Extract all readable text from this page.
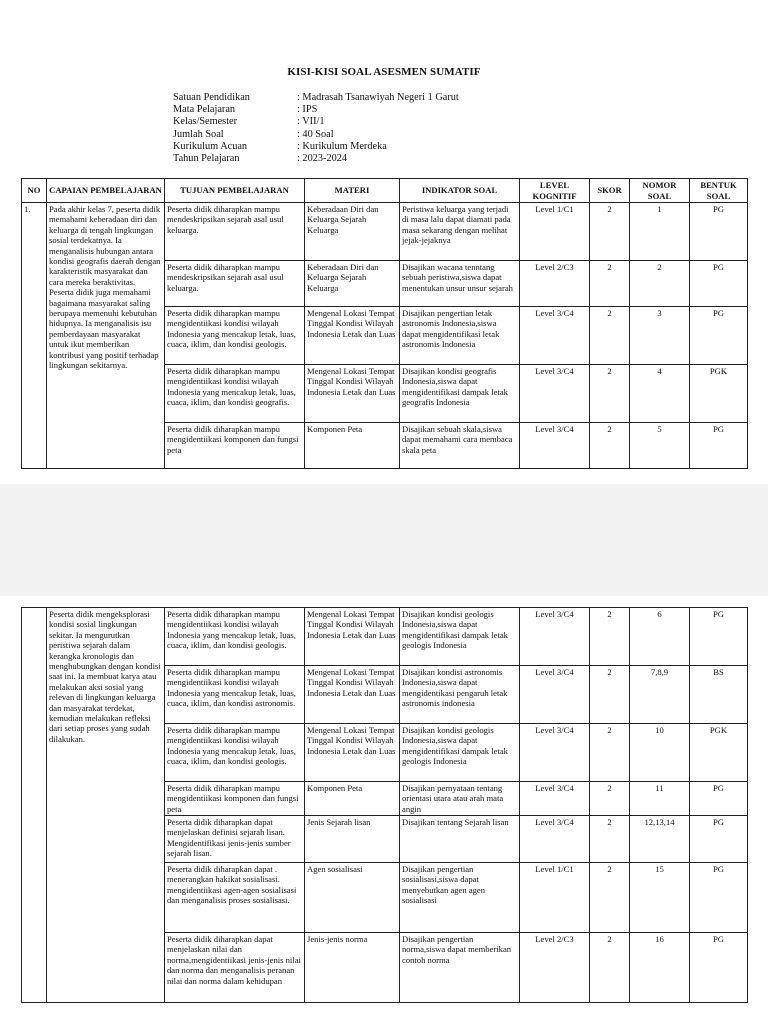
KISI-KISI SOAL ASESMEN SUMATIF
Satuan Pendidikan	: Madrasah Tsanawiyah Negeri 1 Garut
Mata Pelajaran	: IPS
Kelas/Semester	: VII/1
Jumlah Soal	: 40 Soal
Kurikulum Acuan	: Kurikulum Merdeka
Tahun Pelajaran	: 2023-2024
NO	CAPAIAN PEMBELAJARAN	TUJUAN PEMBELAJARAN	MATERI	INDIKATOR SOAL	LEVEL KOGNITIF	SKOR	NOMOR SOAL	BENTUK SOAL
1.	Pada akhir kelas 7, peserta didik memahami keberadaan diri dan keluarga di tengah lingkungan sosial terdekatnya. Ia menganalisis hubungan antara kondisi geografis daerah dengan karakteristik masyarakat dan cara mereka beraktivitas. Peserta didik juga memahami bagaimana masyarakat saling berupaya memenuhi kebutuhan hidupnya. Ia menganalisis isu pemberdayaan masyarakat untuk ikut memberikan kontribusi yang positif terhadap lingkungan sekitarnya.	Peserta didik diharapkan mampu mendeskripsikan sejarah asal usul keluarga.	Keberadaan Diri dan Keluarga Sejarah Keluarga	Peristiwa keluarga yang terjadi di masa lalu dapat diamati pada masa sekarang dengan melihat jejak-jejaknya	Level 1/C1	2	1	PG
		Peserta didik diharapkan mampu mendeskripsikan sejarah asal usul keluarga.	Keberadaan Diri dan Keluarga Sejarah Keluarga	Disajikan wacana tenntang sebuah peristiwa,siswa dapat menentukan unsur unsur sejarah	Level 2/C3	2	2	PG
		Peserta didik diharapkan mampu mengidentiikasi kondisi wilayah Indonesia yang mencakup letak, luas, cuaca, iklim, dan kondisi geologis.	Mengenal Lokasi Tempat Tinggal Kondisi Wilayah Indonesia Letak dan Luas	Disajikan pengertian letak astronomis Indonesia,siswa dapat mengidentifikasi letak astronomis Indonesia	Level 3/C4	2	3	PG
		Peserta didik diharapkan mampu mengidentiikasi kondisi wilayah Indonesia yang mencakup letak, luas, cuaca, iklim, dan kondisi geografis.	Mengenal Lokasi Tempat Tinggal Kondisi Wilayah Indonesia Letak dan Luas	Disajikan kondisi geografis Indonesia,siswa dapat mengidentifikasi dampak letak geografis Indonesia	Level 3/C4	2	4	PGK
		Peserta didik diharapkan mampu mengidentiikasi komponen dan fungsi peta	Komponen Peta	Disajikan sebuah skala,siswa dapat memahami cara membaca skala peta	Level 3/C4	2	5	PG
	Peserta didik mengeksplorasi kondisi sosial lingkungan sekitar. Ia mengurutkan peristiwa sejarah dalam kerangka kronologis dan menghubungkan dengan kondisi saat ini. Ia membuat karya atau melakukan aksi sosial yang relevan di lingkungan keluarga dan masyarakat terdekat, kemudian melakukan refleksi dari setiap proses yang sudah dilakukan.	Peserta didik diharapkan mampu mengidentiikasi kondisi wilayah Indonesia yang mencakup letak, luas, cuaca, iklim, dan kondisi geologis.	Mengenal Lokasi Tempat Tinggal Kondisi Wilayah Indonesia Letak dan Luas	Disajikan kondisi geologis Indonesia,siswa dapat mengidentifikasi dampak letak geologis Indonesia	Level 3/C4	2	6	PG
		Peserta didik diharapkan mampu mengidentiikasi kondisi wilayah Indonesia yang mencakup letak, luas, cuaca, iklim, dan kondisi astronomis.	Mengenal Lokasi Tempat Tinggal Kondisi Wilayah Indonesia Letak dan Luas	Disajikan kondisi astronomis Indonesia,siswa dapat mengidentikasi pengaruh letak astronomis indonesia	Level 3/C4	2	7,8,9	BS
		Peserta didik diharapkan mampu mengidentiikasi kondisi wilayah Indonesia yang mencakup letak, luas, cuaca, iklim, dan kondisi geologis.	Mengenal Lokasi Tempat Tinggal Kondisi Wilayah Indonesia Letak dan Luas	Disajikan kondisi geologis Indonesia,siswa dapat mengidentifikasi dampak letak geologis Indonesia	Level 3/C4	2	10	PGK
		Peserta didik diharapkan mampu mengidentiikasi komponen dan fungsi peta	Komponen Peta	Disajikan pernyataan tentang orientasi utara atau arah mata angin	Level 3/C4	2	11	PG
		Peserta didik diharapkan dapat menjelaskan definisi sejarah lisan. Mengidentifikasi jenis-jenis sumber sejarah lisan.	Jenis Sejarah lisan	Disajikan tentang Sejarah lisan	Level 3/C4	2	12,13,14	PG
		Peserta didik diharapkan dapat . menerangkan hakikat sosialisasi. mengidentiikasi agen-agen sosialisasi dan menganalisis proses sosialisasi.	Agen sosialisasi	Disajikan pengertian sosialisasi,siswa dapat menyebutkan agen agen sosialisasi	Level 1/C1	2	15	PG
		Peserta didik diharapkan dapat menjelaskan nilai dan norma,mengidentiikasi jenis-jenis nilai dan norma dan menganalisis peranan nilai dan norma dalam kehidupan	Jenis-jenis norma	Disajikan pengertian norma,siswa dapat memberikan contoh norma	Level 2/C3	2	16	PG
